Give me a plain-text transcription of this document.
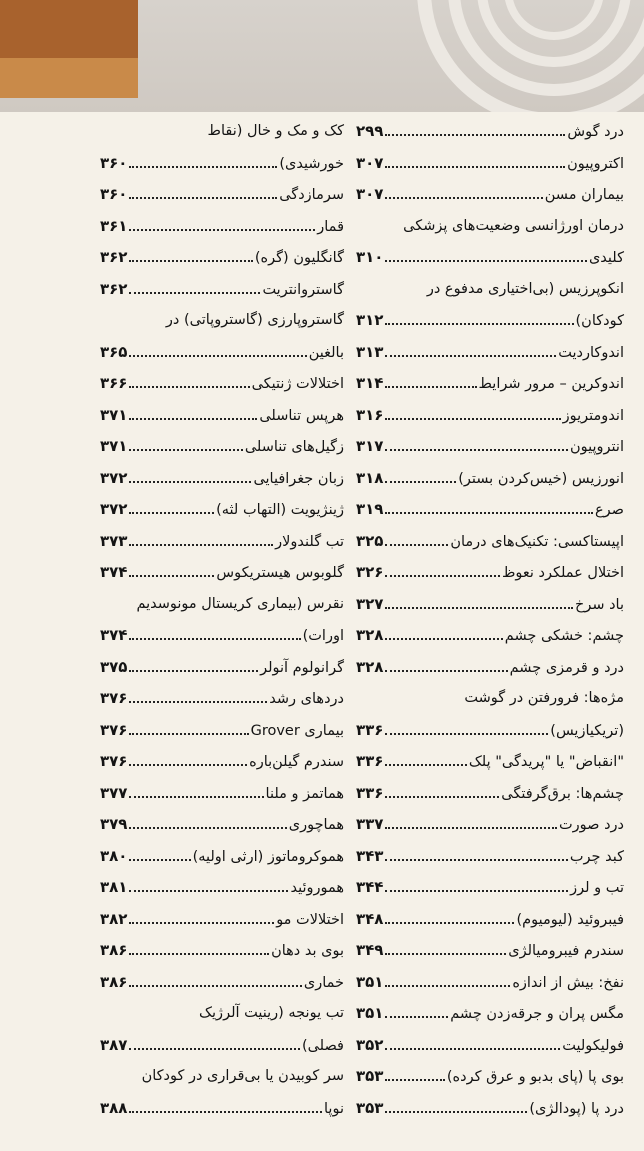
درد گوش
۲۹۹
اکتروپیون
۳۰۷
بیماران مسن
۳۰۷
درمان اورژانسی وضعیت‌های پزشکی
کلیدی
۳۱۰
انکوپرزیس (بی‌اختیاری مدفوع در
کودکان)
۳۱۲
اندوکاردیت
۳۱۳
اندوکرین – مرور شرایط
۳۱۴
اندومتریوز
۳۱۶
انتروپیون
۳۱۷
انورزیس (خیس‌کردن بستر)
۳۱۸
صرع
۳۱۹
اپیستاکسی: تکنیک‌های درمان
۳۲۵
اختلال عملکرد نعوظ
۳۲۶
باد سرخ
۳۲۷
چشم: خشکی چشم
۳۲۸
درد و قرمزی چشم
۳۲۸
مژه‌ها: فرورفتن در گوشت
(تریکیازیس)
۳۳۶
"انقباض" یا "پریدگی" پلک
۳۳۶
چشم‌ها: برق‌گرفتگی
۳۳۶
درد صورت
۳۳۷
کبد چرب
۳۴۳
تب و لرز
۳۴۴
فیبروئید (لیومیوم)
۳۴۸
سندرم فیبرومیالژی
۳۴۹
نفخ: بیش از اندازه
۳۵۱
مگس پران و جرقه‌زدن چشم
۳۵۱
فولیکولیت
۳۵۲
بوی پا (پای بدبو و عرق کرده)
۳۵۳
درد پا (پودالژی)
۳۵۳
کک و مک و خال (نقاط
خورشیدی)
۳۶۰
سرمازدگی
۳۶۰
قمار
۳۶۱
گانگلیون (گره)
۳۶۲
گاستروانتریت
۳۶۲
گاستروپارزی (گاستروپاتی) در
بالغین
۳۶۵
اختلالات ژنتیکی
۳۶۶
هرپس تناسلی
۳۷۱
زگیل‌های تناسلی
۳۷۱
زبان جغرافیایی
۳۷۲
ژینژیویت (التهاب لثه)
۳۷۲
تب گلندولار
۳۷۳
گلوبوس هیستریکوس
۳۷۴
نقرس (بیماری کریستال مونوسدیم
اورات)
۳۷۴
گرانولوم آنولر
۳۷۵
دردهای رشد
۳۷۶
بیماری Grover
۳۷۶
سندرم گیلن‌باره
۳۷۶
هماتمز و ملنا
۳۷۷
هماچوری
۳۷۹
هموکروماتوز (ارثی اولیه)
۳۸۰
هموروئید
۳۸۱
اختلالات مو
۳۸۲
بوی بد دهان
۳۸۶
خماری
۳۸۶
تب یونجه (رینیت آلرژیک
فصلی)
۳۸۷
سر کوبیدن یا بی‌قراری در کودکان
نوپا
۳۸۸
